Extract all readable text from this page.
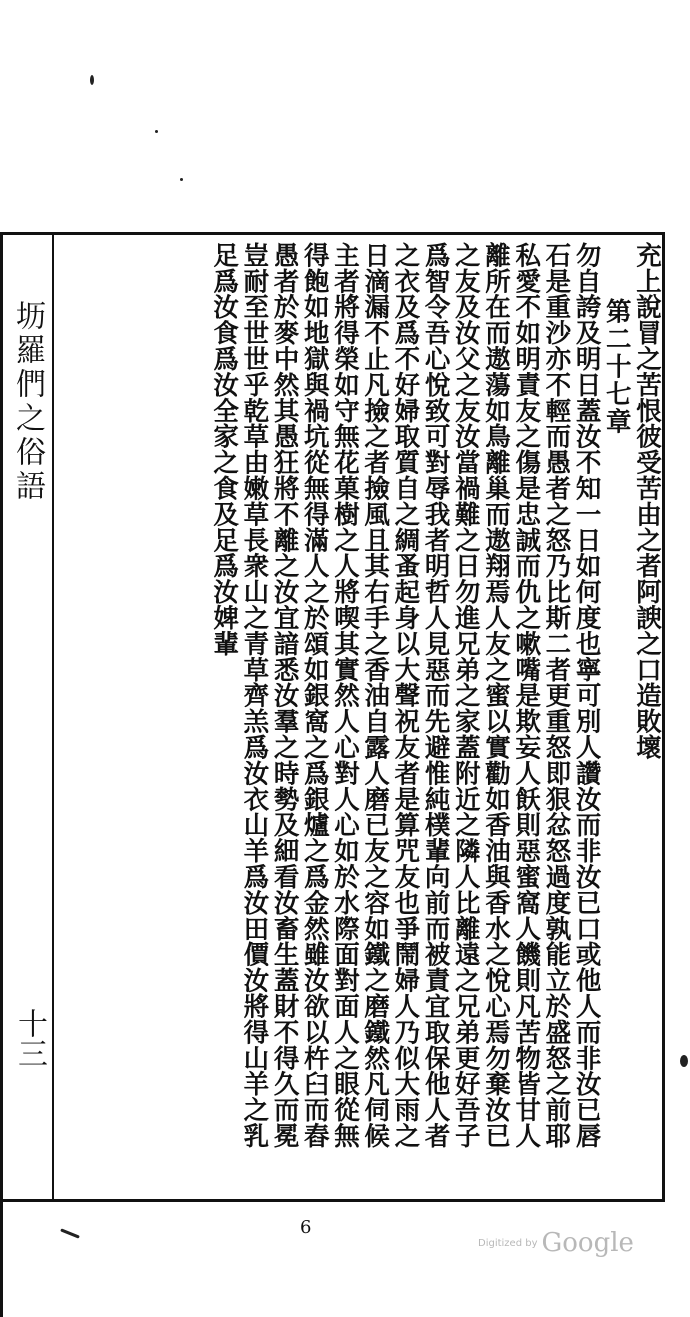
坜羅們之俗語
十三

充上說冒之苦恨彼受苦由之者阿諛之口造敗壞

第二十七章

勿自誇及明日蓋汝不知一日如何度也寧可別人讚汝而非汝已口或他人而非汝已唇

石是重沙亦不輕而愚者之怒乃比斯二者更重怒即狠忿怒過度孰能立於盛怒之前耶

私愛不如明責友之傷是忠誠而仇之嗽嘴是欺妄人飫則惡蜜窩人饑則凡苦物皆甘人

離所在而遨蕩如鳥離巢而遨翔焉人友之蜜以實勸如香油與香水之悅心焉勿棄汝已

之友及汝父之友汝當禍難之日勿進兄弟之家蓋附近之隣人比離遠之兄弟更好吾子

爲智令吾心悅致可對辱我者明哲人見惡而先避惟純樸輩向前而被責宜取保他人者

之衣及爲不好婦取質自之綢蚤起身以大聲祝友者是算咒友也爭鬧婦人乃似大雨之

日滴漏不止凡撿之者撿風且其右手之香油自露人磨已友之容如鐵之磨鐵然凡伺候

主者將得榮如守無花菓樹之人將喫其實然人心對人心如於水際面對面人之眼從無

得飽如地獄與禍坑從無得滿人之於頌如銀窩之爲銀爐之爲金然雖汝欲以杵臼而舂

愚者於麥中然其愚狂將不離之汝宜諳悉汝羣之時勢及細看汝畜生蓋財不得久而冕

豈耐至世世乎乾草由嫩草長衆山之青草齊羔爲汝衣山羊爲汝田價汝將得山羊之乳

足爲汝食爲汝全家之食及足爲汝婢輩

6
Digitized by Google
